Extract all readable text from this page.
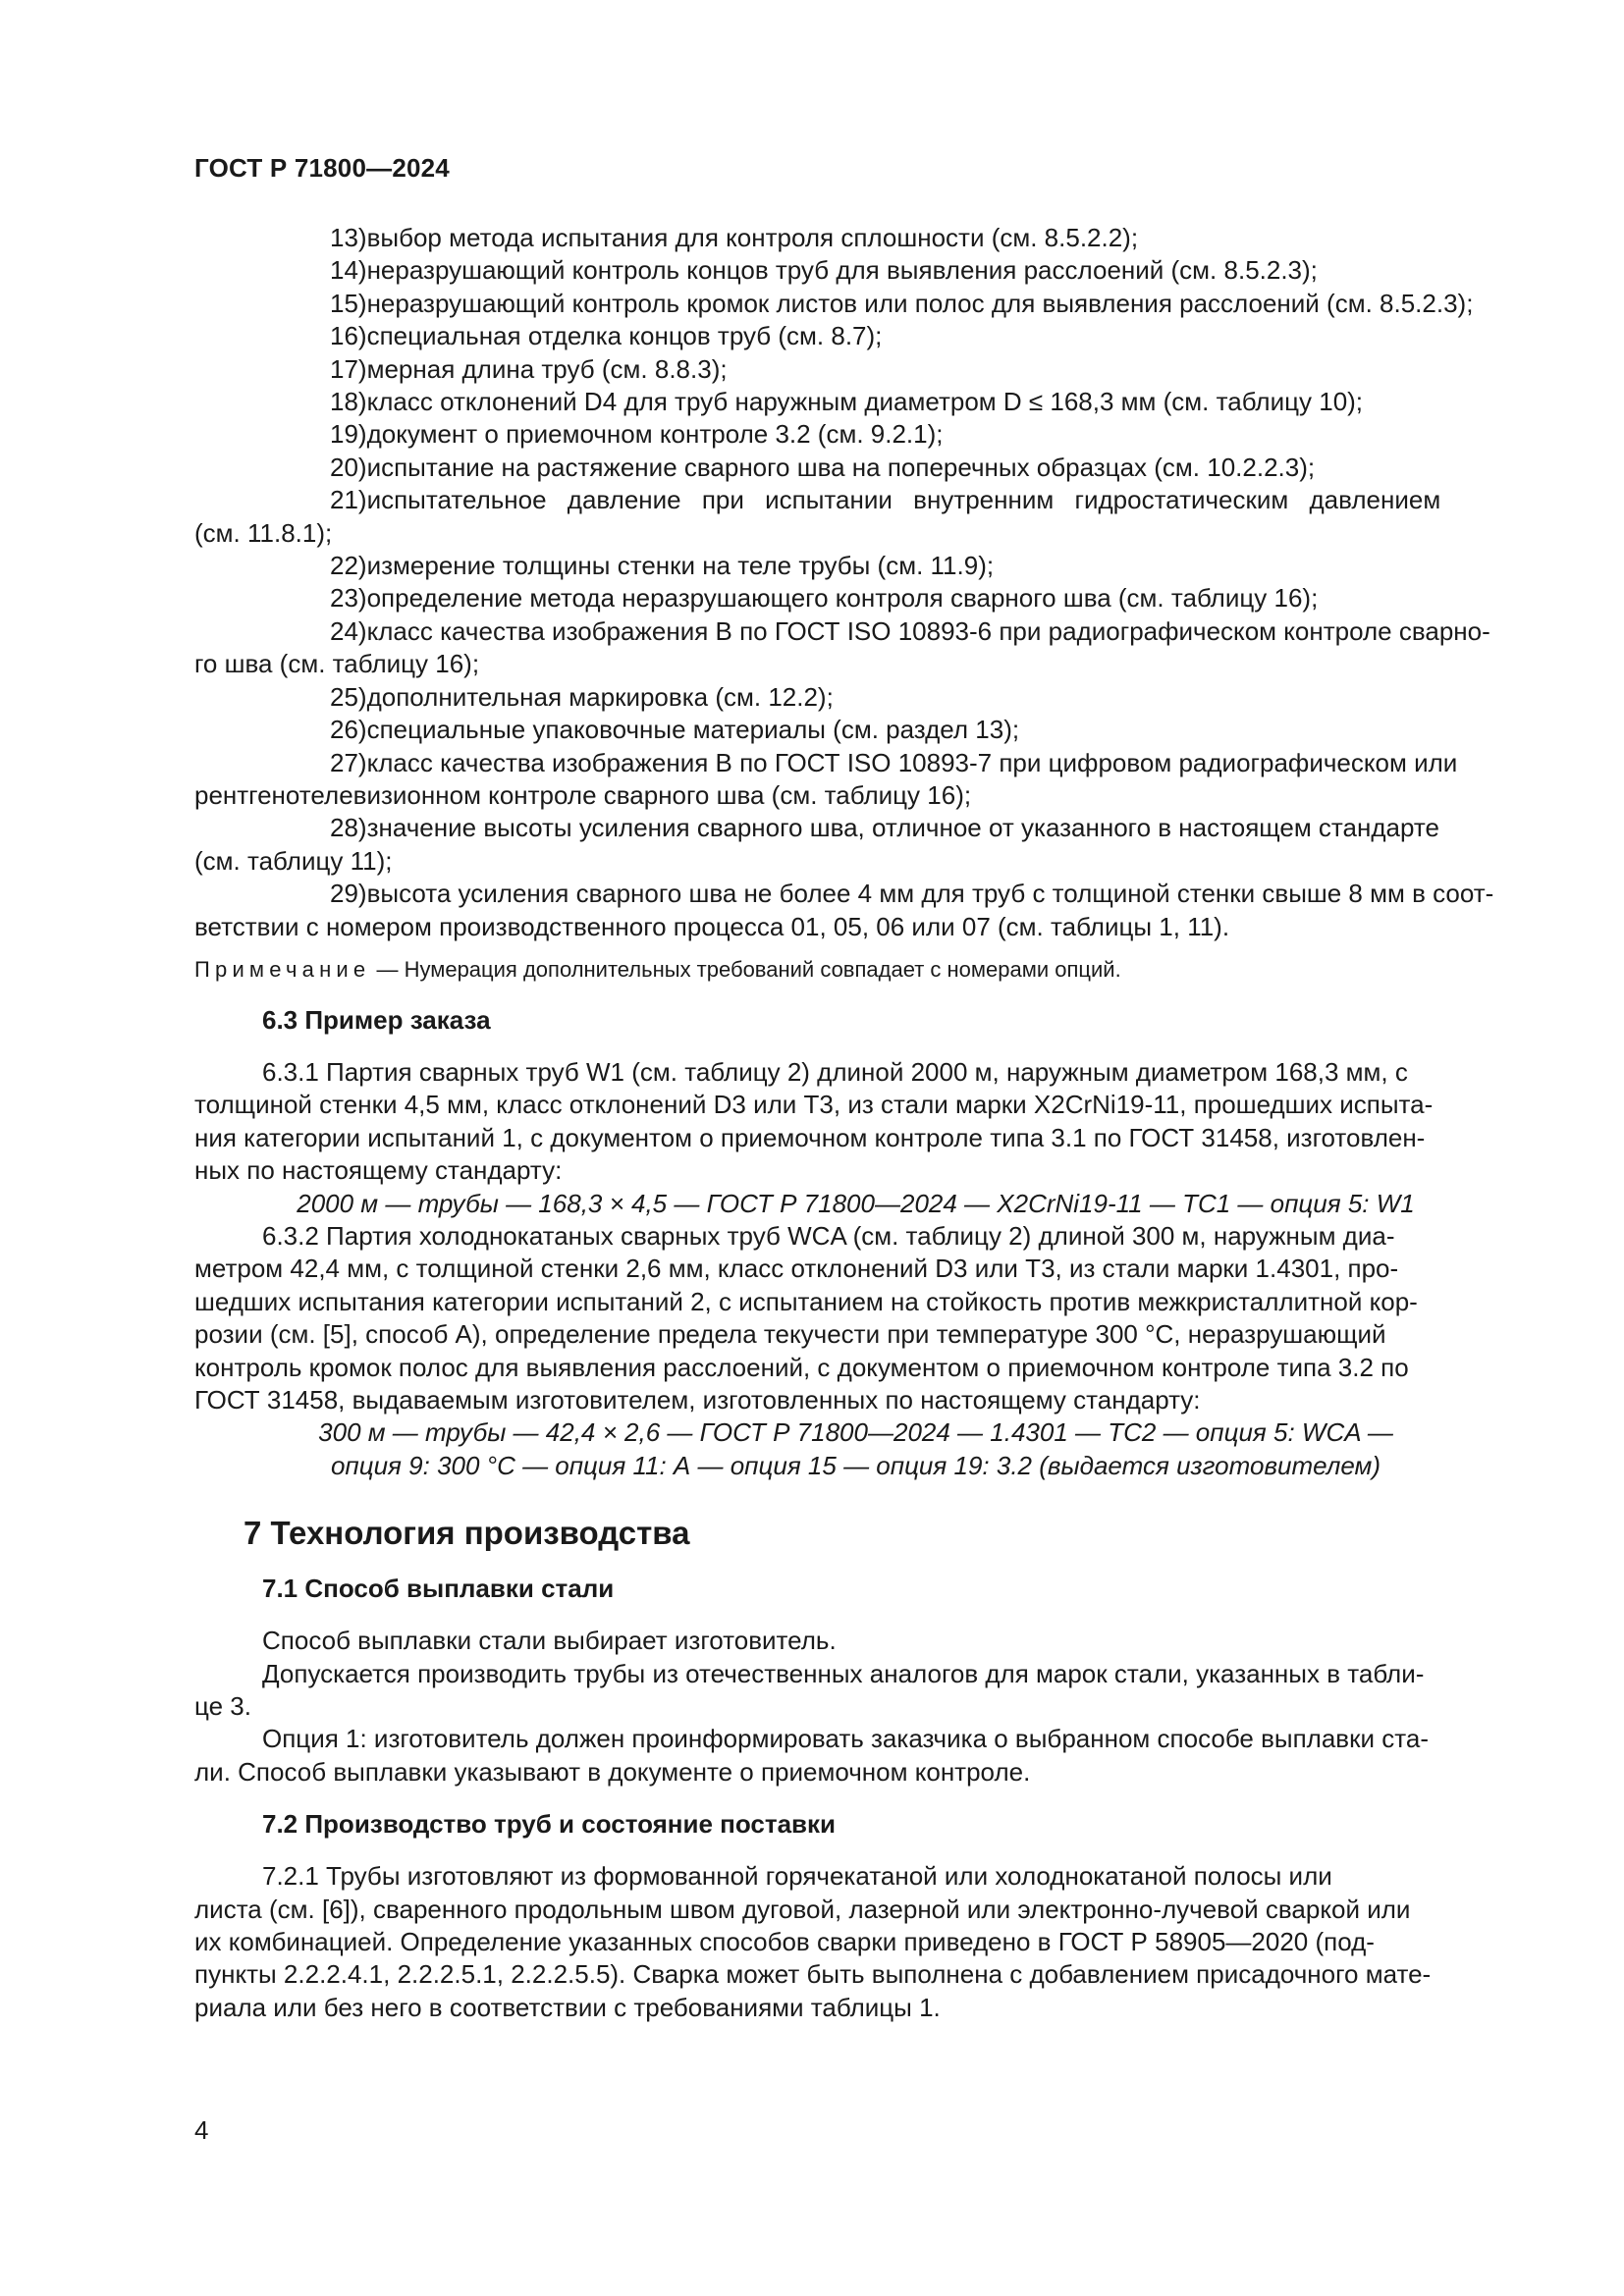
ГОСТ Р 71800—2024

13)выбор метода испытания для контроля сплошности (см. 8.5.2.2);

14)неразрушающий контроль концов труб для выявления расслоений (см. 8.5.2.3);

15)неразрушающий контроль кромок листов или полос для выявления расслоений (см. 8.5.2.3);

16)специальная отделка концов труб (см. 8.7);

17)мерная длина труб (см. 8.8.3);

18)класс отклонений D4 для труб наружным диаметром D ≤ 168,3 мм (см. таблицу 10);

19)документ о приемочном контроле 3.2 (см. 9.2.1);

20)испытание на растяжение сварного шва на поперечных образцах (см. 10.2.2.3);

21)испытательное давление при испытании внутренним гидростатическим давлением
(см. 11.8.1);

22)измерение толщины стенки на теле трубы (см. 11.9);

23)определение метода неразрушающего контроля сварного шва (см. таблицу 16);

24)класс качества изображения B по ГОСТ ISO 10893-6 при радиографическом контроле сварно-
го шва (см. таблицу 16);

25)дополнительная маркировка (см. 12.2);

26)специальные упаковочные материалы (см. раздел 13);

27)класс качества изображения B по ГОСТ ISO 10893-7 при цифровом радиографическом или
рентгенотелевизионном контроле сварного шва (см. таблицу 16);

28)значение высоты усиления сварного шва, отличное от указанного в настоящем стандарте
(см. таблицу 11);

29)высота усиления сварного шва не более 4 мм для труб с толщиной стенки свыше 8 мм в соот-
ветствии с номером производственного процесса 01, 05, 06 или 07 (см. таблицы 1, 11).

Примечание — Нумерация дополнительных требований совпадает с номерами опций.

6.3 Пример заказа

6.3.1 Партия сварных труб W1 (см. таблицу 2) длиной 2000 м, наружным диаметром 168,3 мм, с
толщиной стенки 4,5 мм, класс отклонений D3 или T3, из стали марки X2CrNi19-11, прошедших испыта-
ния категории испытаний 1, с документом о приемочном контроле типа 3.1 по ГОСТ 31458, изготовлен-
ных по настоящему стандарту:

2000 м — трубы — 168,3 × 4,5 — ГОСТ Р 71800—2024 — X2CrNi19-11 — TC1 — опция 5: W1

6.3.2 Партия холоднокатаных сварных труб WCA (см. таблицу 2) длиной 300 м, наружным диа-
метром 42,4 мм, с толщиной стенки 2,6 мм, класс отклонений D3 или T3, из стали марки 1.4301, про-
шедших испытания категории испытаний 2, с испытанием на стойкость против межкристаллитной кор-
розии (см. [5], способ А), определение предела текучести при температуре 300 °С, неразрушающий
контроль кромок полос для выявления расслоений, с документом о приемочном контроле типа 3.2 по
ГОСТ 31458, выдаваемым изготовителем, изготовленных по настоящему стандарту:

300 м — трубы — 42,4 × 2,6 — ГОСТ Р 71800—2024 — 1.4301 — TC2 — опция 5: WCA —
опция 9: 300 °С — опция 11: А — опция 15 — опция 19: 3.2 (выдается изготовителем)

7 Технология производства
7.1 Способ выплавки стали

Способ выплавки стали выбирает изготовитель.

Допускается производить трубы из отечественных аналогов для марок стали, указанных в табли-
це 3.

Опция 1: изготовитель должен проинформировать заказчика о выбранном способе выплавки ста-
ли. Способ выплавки указывают в документе о приемочном контроле.

7.2 Производство труб и состояние поставки

7.2.1 Трубы изготовляют из формованной горячекатаной или холоднокатаной полосы или
листа (см. [6]), сваренного продольным швом дуговой, лазерной или электронно-лучевой сваркой или
их комбинацией. Определение указанных способов сварки приведено в ГОСТ Р 58905—2020 (под-
пункты 2.2.2.4.1, 2.2.2.5.1, 2.2.2.5.5). Сварка может быть выполнена с добавлением присадочного мате-
риала или без него в соответствии с требованиями таблицы 1.

4
